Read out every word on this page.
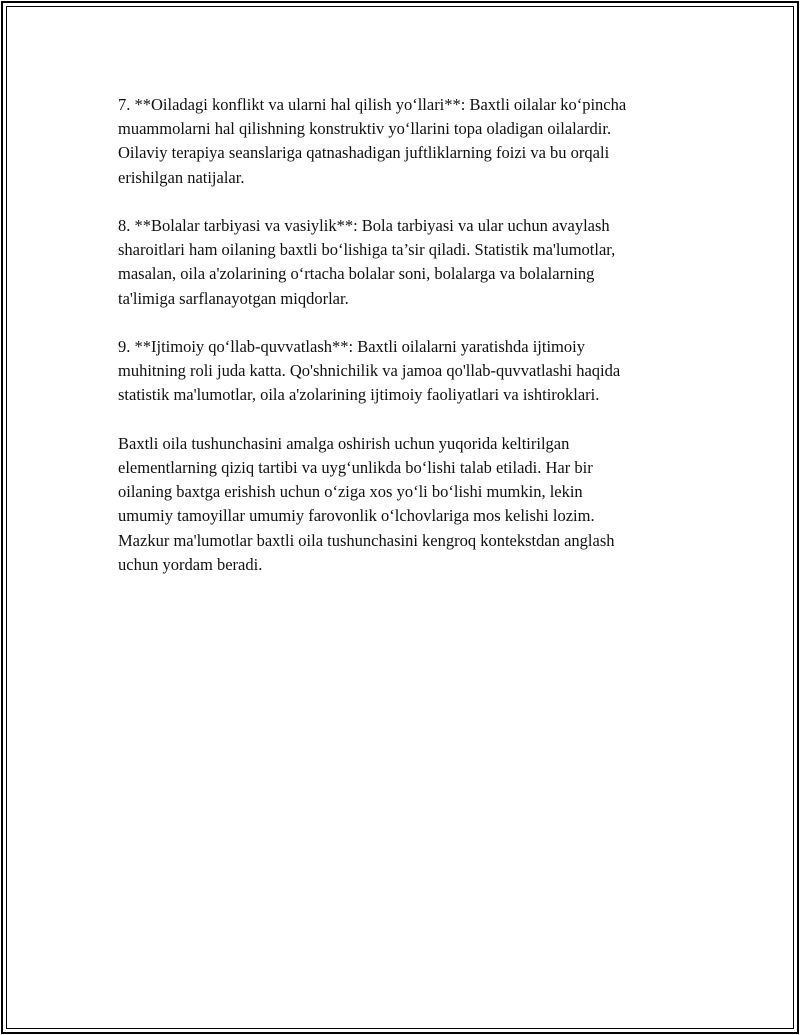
7. **Oiladagi konflikt va ularni hal qilish yo‘llari**: Baxtli oilalar ko‘pincha
muammolarni hal qilishning konstruktiv yo‘llarini topa oladigan oilalardir.
Oilaviy terapiya seanslariga qatnashadigan juftliklarning foizi va bu orqali
erishilgan natijalar.

8. **Bolalar tarbiyasi va vasiylik**: Bola tarbiyasi va ular uchun avaylash
sharoitlari ham oilaning baxtli bo‘lishiga ta’sir qiladi. Statistik ma'lumotlar,
masalan, oila a'zolarining o‘rtacha bolalar soni, bolalarga va bolalarning
ta'limiga sarflanayotgan miqdorlar.

9. **Ijtimoiy qo‘llab-quvvatlash**: Baxtli oilalarni yaratishda ijtimoiy
muhitning roli juda katta. Qo'shnichilik va jamoa qo'llab-quvvatlashi haqida
statistik ma'lumotlar, oila a'zolarining ijtimoiy faoliyatlari va ishtiroklari.

Baxtli oila tushunchasini amalga oshirish uchun yuqorida keltirilgan
elementlarning qiziq tartibi va uyg‘unlikda bo‘lishi talab etiladi. Har bir
oilaning baxtga erishish uchun o‘ziga xos yo‘li bo‘lishi mumkin, lekin
umumiy tamoyillar umumiy farovonlik o‘lchovlariga mos kelishi lozim.
Mazkur ma'lumotlar baxtli oila tushunchasini kengroq kontekstdan anglash
uchun yordam beradi.
